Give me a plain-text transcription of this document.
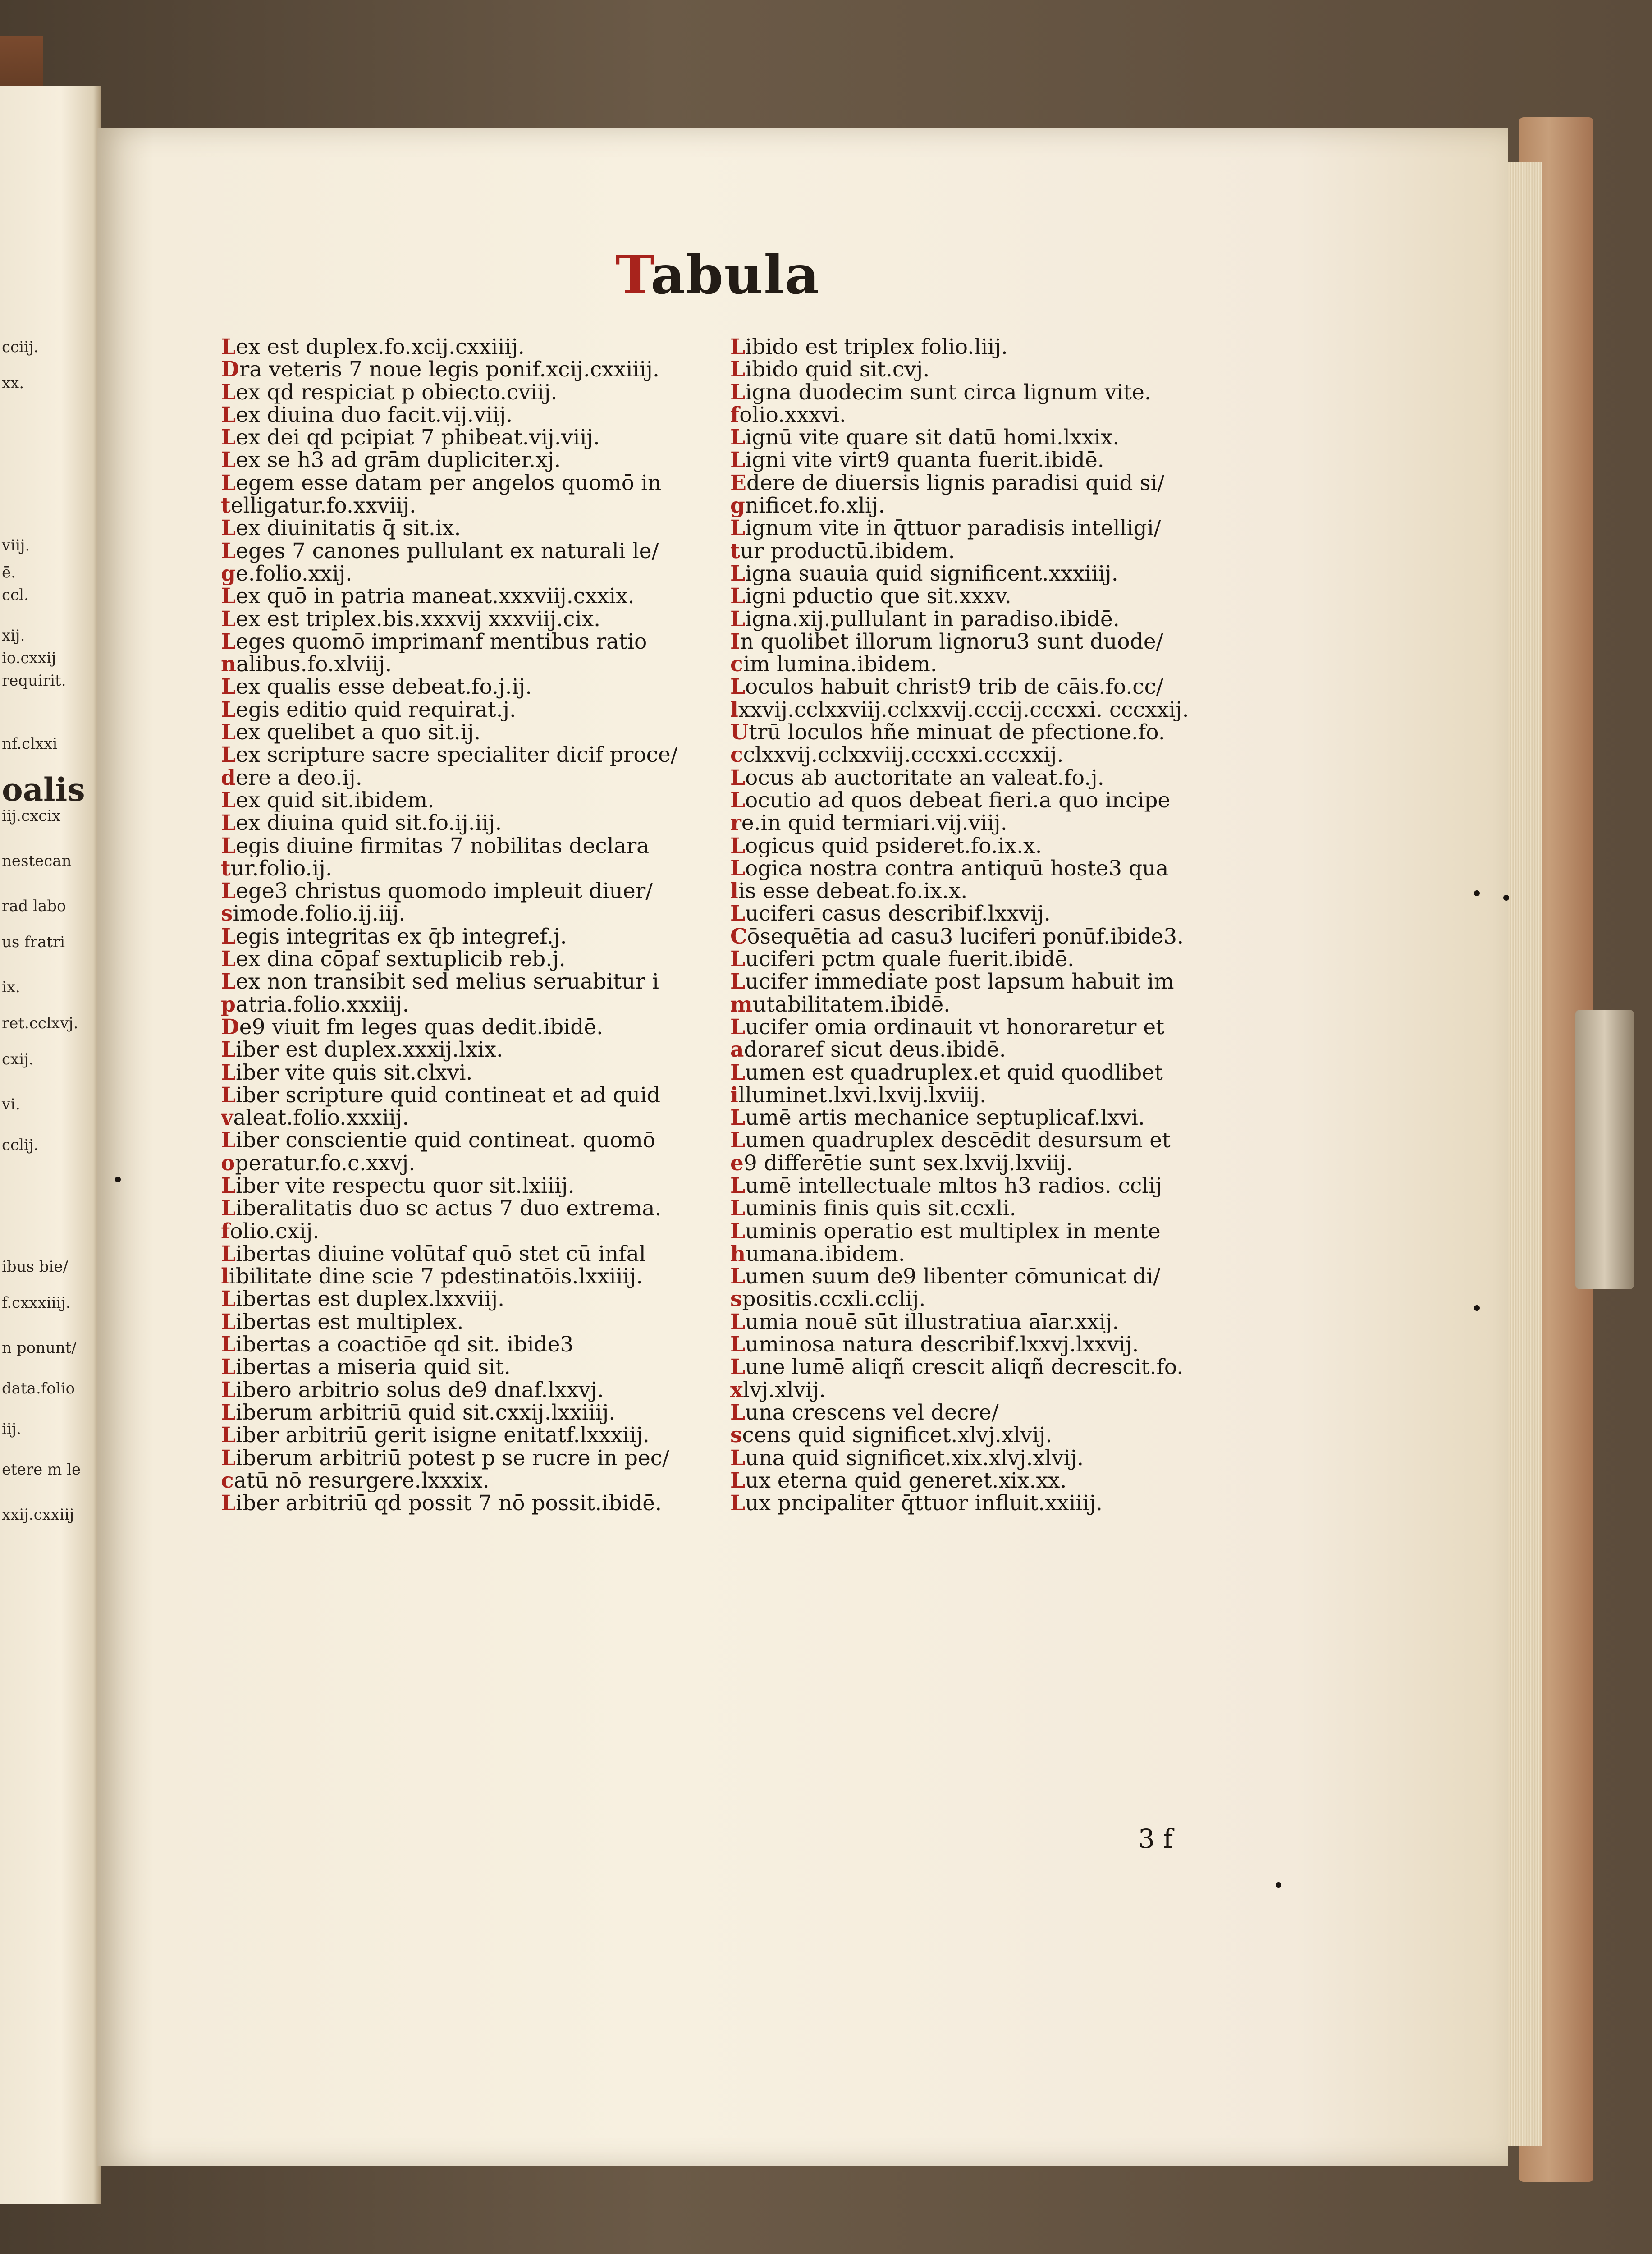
cciij.
xx.
viij.
ē.
ccl.
xij.
io.cxxij
requirit.
nf.clxxi
oalis
iij.cxcix
nestecan
rad labo
us fratri
ix.
ret.cclxvj.
cxij.
vi.
cclij.
ibus bie/
f.cxxxiiij.
n ponunt/
data.folio
iij.
etere m le
xxij.cxxiij
Tabula
Lex est duplex.fo.xcij.cxxiiij.
Dra veteris 7 noue legis ponif.xcij.cxxiiij.
Lex qd respiciat p obiecto.cviij.
Lex diuina duo facit.vij.viij.
Lex dei qd pcipiat 7 phibeat.vij.viij.
Lex se h3 ad grām dupliciter.xj.
Legem esse datam per angelos quomō in
telligatur.fo.xxviij.
Lex diuinitatis q̄ sit.ix.
Leges 7 canones pullulant ex naturali le/
ge.folio.xxij.
Lex quō in patria maneat.xxxviij.cxxix.
Lex est triplex.bis.xxxvij xxxviij.cix.
Leges quomō imprimanf mentibus ratio
nalibus.fo.xlviij.
Lex qualis esse debeat.fo.j.ij.
Legis editio quid requirat.j.
Lex quelibet a quo sit.ij.
Lex scripture sacre specialiter dicif proce/
dere a deo.ij.
Lex quid sit.ibidem.
Lex diuina quid sit.fo.ij.iij.
Legis diuine firmitas 7 nobilitas declara
tur.folio.ij.
Lege3 christus quomodo impleuit diuer/
simode.folio.ij.iij.
Legis integritas ex q̄b integref.j.
Lex dina cōpaf sextuplicib reb.j.
Lex non transibit sed melius seruabitur i
patria.folio.xxxiij.
De9 viuit fm leges quas dedit.ibidē.
Liber est duplex.xxxij.lxix.
Liber vite quis sit.clxvi.
Liber scripture quid contineat et ad quid
valeat.folio.xxxiij.
Liber conscientie quid contineat. quomō
operatur.fo.c.xxvj.
Liber vite respectu quor sit.lxiiij.
Liberalitatis duo sc actus 7 duo extrema.
folio.cxij.
Libertas diuine volūtaf quō stet cū infal
libilitate dine scie 7 pdestinatōis.lxxiiij.
Libertas est duplex.lxxviij.
Libertas est multiplex.
Libertas a coactiōe qd sit. ibide3
Libertas a miseria quid sit.
Libero arbitrio solus de9 dnaf.lxxvj.
Liberum arbitriū quid sit.cxxij.lxxiiij.
Liber arbitriū gerit isigne enitatf.lxxxiij.
Liberum arbitriū potest p se rucre in pec/
catū nō resurgere.lxxxix.
Liber arbitriū qd possit 7 nō possit.ibidē.
Libido est triplex folio.liij.
Libido quid sit.cvj.
Ligna duodecim sunt circa lignum vite.
folio.xxxvi.
Lignū vite quare sit datū homi.lxxix.
Ligni vite virt9 quanta fuerit.ibidē.
Edere de diuersis lignis paradisi quid si/
gnificet.fo.xlij.
Lignum vite in q̄ttuor paradisis intelligi/
tur productū.ibidem.
Ligna suauia quid significent.xxxiiij.
Ligni pductio que sit.xxxv.
Ligna.xij.pullulant in paradiso.ibidē.
In quolibet illorum lignoru3 sunt duode/
cim lumina.ibidem.
Loculos habuit christ9 trib de cāis.fo.cc/
lxxvij.cclxxviij.cclxxvij.cccij.cccxxi. cccxxij.
Utrū loculos hñe minuat de pfectione.fo.
cclxxvij.cclxxviij.cccxxi.cccxxij.
Locus ab auctoritate an valeat.fo.j.
Locutio ad quos debeat fieri.a quo incipe
re.in quid termiari.vij.viij.
Logicus quid psideret.fo.ix.x.
Logica nostra contra antiquū hoste3 qua
lis esse debeat.fo.ix.x.
Luciferi casus describif.lxxvij.
Cōsequētia ad casu3 luciferi ponūf.ibide3.
Luciferi pctm quale fuerit.ibidē.
Lucifer immediate post lapsum habuit im
mutabilitatem.ibidē.
Lucifer omia ordinauit vt honoraretur et
adoraref sicut deus.ibidē.
Lumen est quadruplex.et quid quodlibet
illuminet.lxvi.lxvij.lxviij.
Lumē artis mechanice septuplicaf.lxvi.
Lumen quadruplex descēdit desursum et
e9 differētie sunt sex.lxvij.lxviij.
Lumē intellectuale mltos h3 radios. cclij
Luminis finis quis sit.ccxli.
Luminis operatio est multiplex in mente
humana.ibidem.
Lumen suum de9 libenter cōmunicat di/
spositis.ccxli.cclij.
Lumia nouē sūt illustratiua aīar.xxij.
Luminosa natura describif.lxxvj.lxxvij.
Lune lumē aliqñ crescit aliqñ decrescit.fo.
xlvj.xlvij.
Luna crescens vel decre/
scens quid significet.xlvj.xlvij.
Luna quid significet.xix.xlvj.xlvij.
Lux eterna quid generet.xix.xx.
Lux pncipaliter q̄ttuor influit.xxiiij.
3 f
